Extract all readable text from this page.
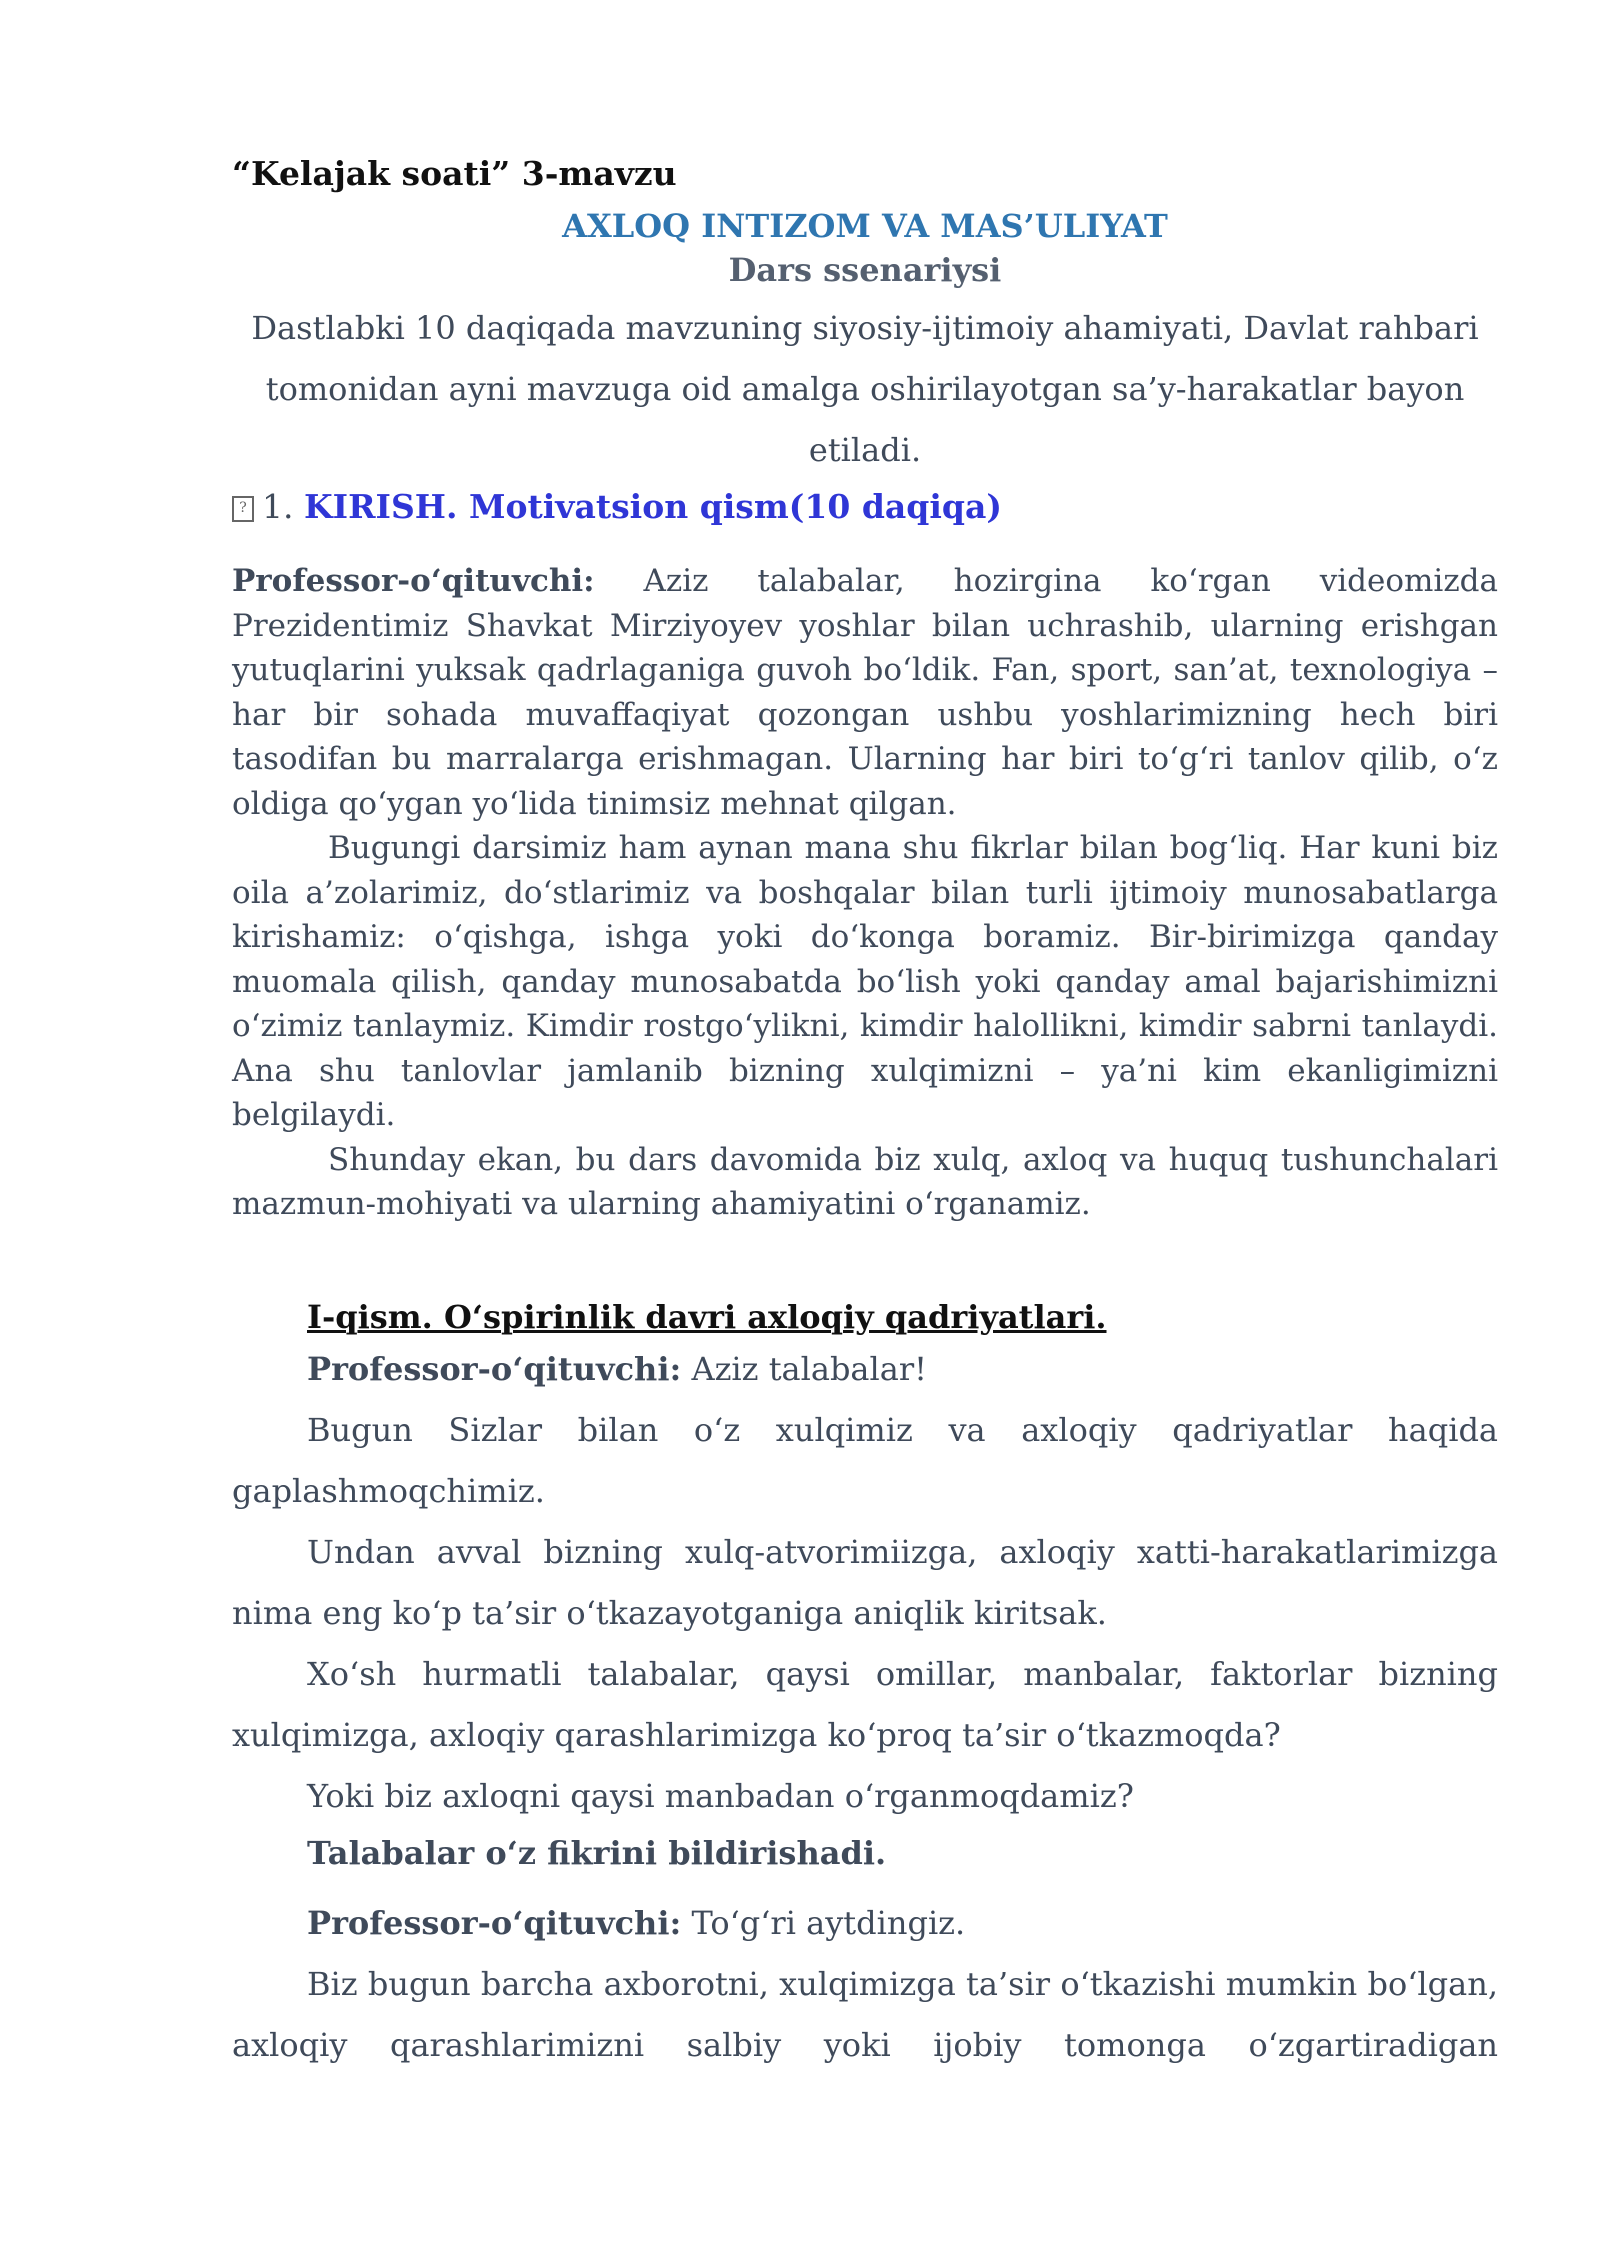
“Kelajak soati” 3-mavzu

AXLOQ INTIZOM VA MAS’ULIYAT

Dars ssenariysi

Dastlabki 10 daqiqada mavzuning siyosiy-ijtimoiy ahamiyati, Davlat rahbari tomonidan ayni mavzuga oid amalga oshirilayotgan sa’y-harakatlar bayon etiladi.

? 1. KIRISH. Motivatsion qism(10 daqiqa)

Professor-oʻqituvchi: Aziz talabalar, hozirgina koʻrgan videomizda Prezidentimiz Shavkat Mirziyoyev yoshlar bilan uchrashib, ularning erishgan yutuqlarini yuksak qadrlaganiga guvoh boʻldik. Fan, sport, san’at, texnologiya – har bir sohada muvaffaqiyat qozongan ushbu yoshlarimizning hech biri tasodifan bu marralarga erishmagan. Ularning har biri toʻgʻri tanlov qilib, oʻz oldiga qoʻygan yoʻlida tinimsiz mehnat qilgan.

Bugungi darsimiz ham aynan mana shu fikrlar bilan bogʻliq. Har kuni biz oila a’zolarimiz, doʻstlarimiz va boshqalar bilan turli ijtimoiy munosabatlarga kirishamiz: oʻqishga, ishga yoki doʻkonga boramiz. Bir-birimizga qanday muomala qilish, qanday munosabatda boʻlish yoki qanday amal bajarishimizni oʻzimiz tanlaymiz. Kimdir rostgoʻylikni, kimdir halollikni, kimdir sabrni tanlaydi. Ana shu tanlovlar jamlanib bizning xulqimizni – ya’ni kim ekanligimizni belgilaydi.

Shunday ekan, bu dars davomida biz xulq, axloq va huquq tushunchalari mazmun-mohiyati va ularning ahamiyatini oʻrganamiz.

I-qism. Oʻspirinlik davri axloqiy qadriyatlari.

Professor-oʻqituvchi: Aziz talabalar!

Bugun Sizlar bilan oʻz xulqimiz va axloqiy qadriyatlar haqida gaplashmoqchimiz.

Undan avval bizning xulq-atvorimiizga, axloqiy xatti-harakatlarimizga nima eng koʻp ta’sir oʻtkazayotganiga aniqlik kiritsak.

Xoʻsh hurmatli talabalar, qaysi omillar, manbalar, faktorlar bizning xulqimizga, axloqiy qarashlarimizga koʻproq ta’sir oʻtkazmoqda?

Yoki biz axloqni qaysi manbadan oʻrganmoqdamiz?

Talabalar oʻz fikrini bildirishadi.

Professor-oʻqituvchi: Toʻgʻri aytdingiz.

Biz bugun barcha axborotni, xulqimizga ta’sir oʻtkazishi mumkin boʻlgan, axloqiy qarashlarimizni salbiy yoki ijobiy tomonga oʻzgartiradigan
